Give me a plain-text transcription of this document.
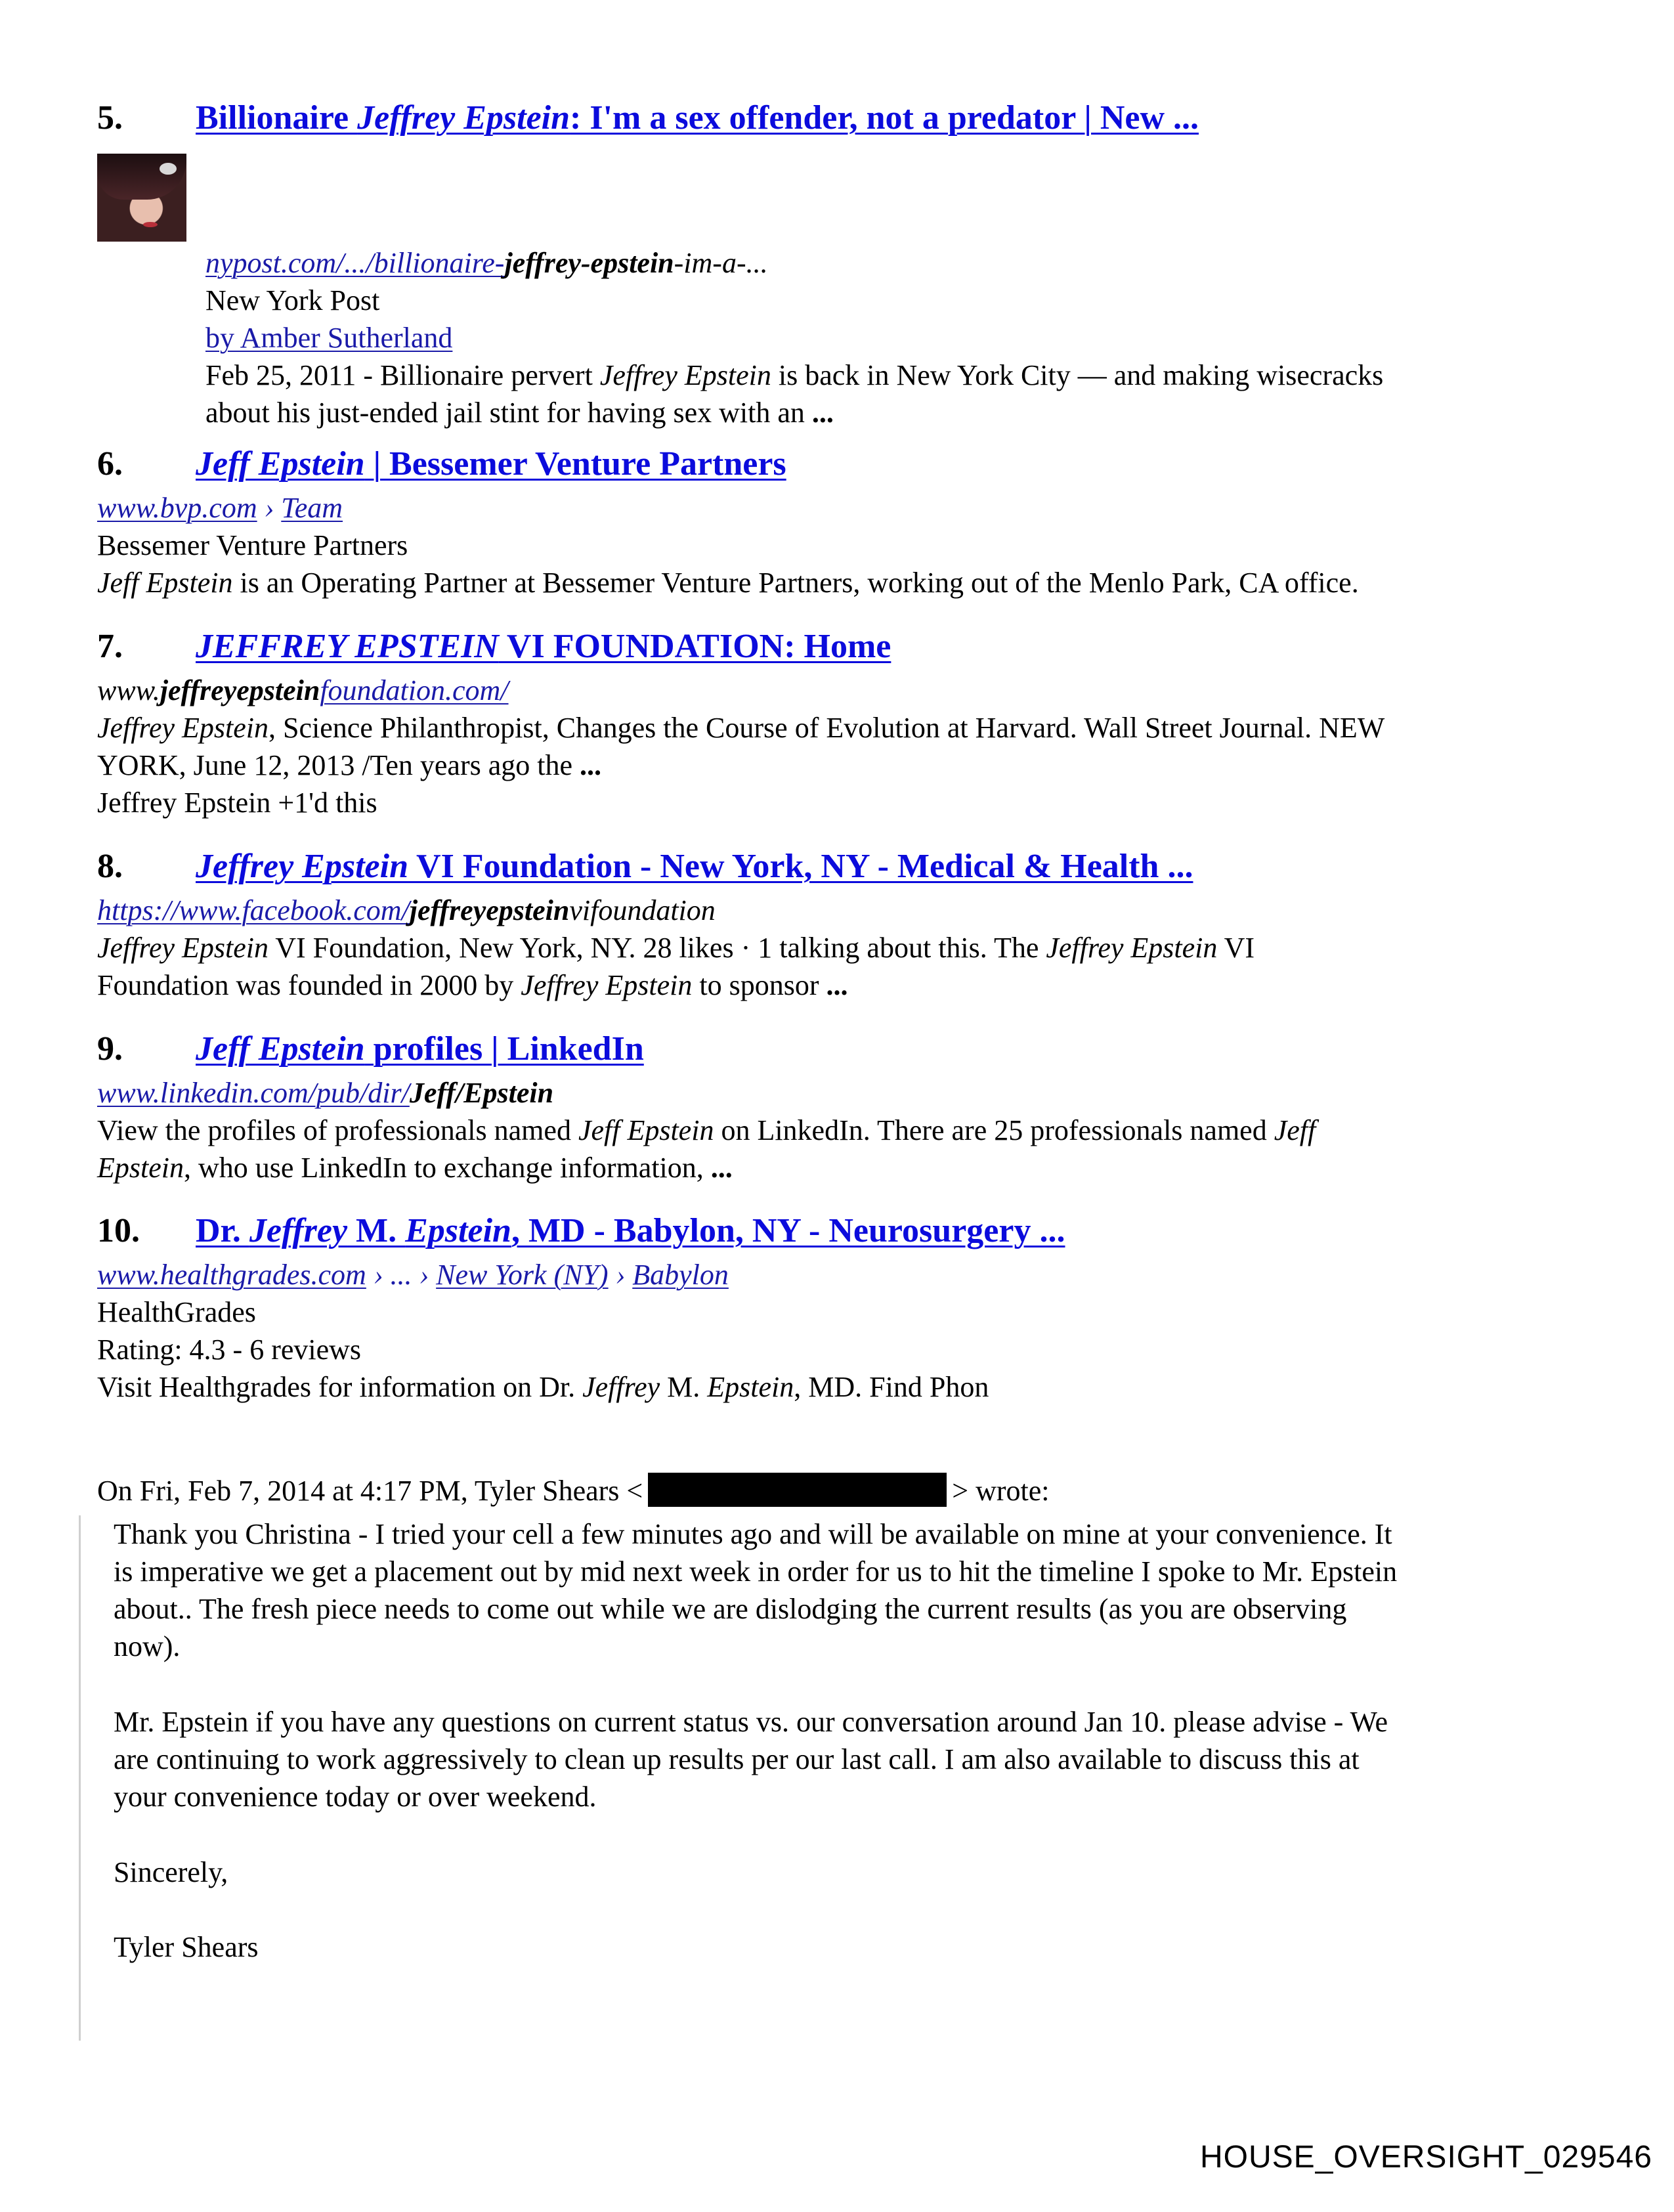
5. Billionaire Jeffrey Epstein: I'm a sex offender, not a predator | New ...
nypost.com/.../billionaire-jeffrey-epstein-im-a-...
New York Post
by Amber Sutherland
Feb 25, 2011 - Billionaire pervert Jeffrey Epstein is back in New York City — and making wisecracks
about his just-ended jail stint for having sex with an ...
6. Jeff Epstein | Bessemer Venture Partners
www.bvp.com › Team
Bessemer Venture Partners
Jeff Epstein is an Operating Partner at Bessemer Venture Partners, working out of the Menlo Park, CA office.
7. JEFFREY EPSTEIN VI FOUNDATION: Home
www.jeffreyepsteinfoundation.com/
Jeffrey Epstein, Science Philanthropist, Changes the Course of Evolution at Harvard. Wall Street Journal. NEW
YORK, June 12, 2013 /Ten years ago the ...
Jeffrey Epstein +1'd this
8. Jeffrey Epstein VI Foundation - New York, NY - Medical & Health ...
https://www.facebook.com/jeffreyepsteinvifoundation
Jeffrey Epstein VI Foundation, New York, NY. 28 likes · 1 talking about this. The Jeffrey Epstein VI
Foundation was founded in 2000 by Jeffrey Epstein to sponsor ...
9. Jeff Epstein profiles | LinkedIn
www.linkedin.com/pub/dir/Jeff/Epstein
View the profiles of professionals named Jeff Epstein on LinkedIn. There are 25 professionals named Jeff
Epstein, who use LinkedIn to exchange information, ...
10. Dr. Jeffrey M. Epstein, MD - Babylon, NY - Neurosurgery ...
www.healthgrades.com › ... › New York (NY) › Babylon
HealthGrades
Rating: 4.3 - 6 reviews
Visit Healthgrades for information on Dr. Jeffrey M. Epstein, MD. Find Phon
On Fri, Feb 7, 2014 at 4:17 PM, Tyler Shears <	> wrote:
Thank you Christina - I tried your cell a few minutes ago and will be available on mine at your convenience. It
is imperative we get a placement out by mid next week in order for us to hit the timeline I spoke to Mr. Epstein
about.. The fresh piece needs to come out while we are dislodging the current results (as you are observing
now).
Mr. Epstein if you have any questions on current status vs. our conversation around Jan 10. please advise - We
are continuing to work aggressively to clean up results per our last call. I am also available to discuss this at
your convenience today or over weekend.
Sincerely,
Tyler Shears
HOUSE_OVERSIGHT_029546
